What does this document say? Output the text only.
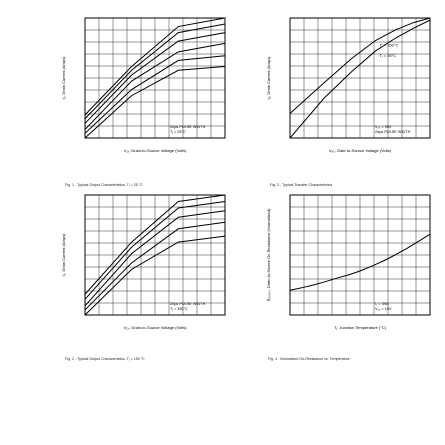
20µs PULSE WIDTH
Tⱼ = 25°C
I₂, Drain Current (Amps)
V₂ₛ, Drain-to-Source Voltage (Volts)
Tⱼ = 25°C
Tⱼ = 150°C
V₂ₛ = 50V
20µs PULSE WIDTH
I₂, Drain Current (Amps)
V₉ₛ, Gate-to-Source Voltage (Volts)
20µs PULSE WIDTH
Tⱼ = 150°C
I₂, Drain Current (Amps)
V₂ₛ, Drain-to-Source Voltage (Volts)
I₂ = 59A
V₉ₛ = 10V
R₂ₛ₍ₒₙ₎, Drain-to-Source On Resistance (Normalized)
Tⱼ, Junction Temperature (°C)
Fig. 1 - Typical Output Characteristics, Tⱼ = 25 °C	Fig. 3 - Typical Transfer Characteristics
Fig. 2 - Typical Output Characteristics, Tⱼ = 150 °C	Fig. 4 - Normalized On-Resistance vs. Temperature
